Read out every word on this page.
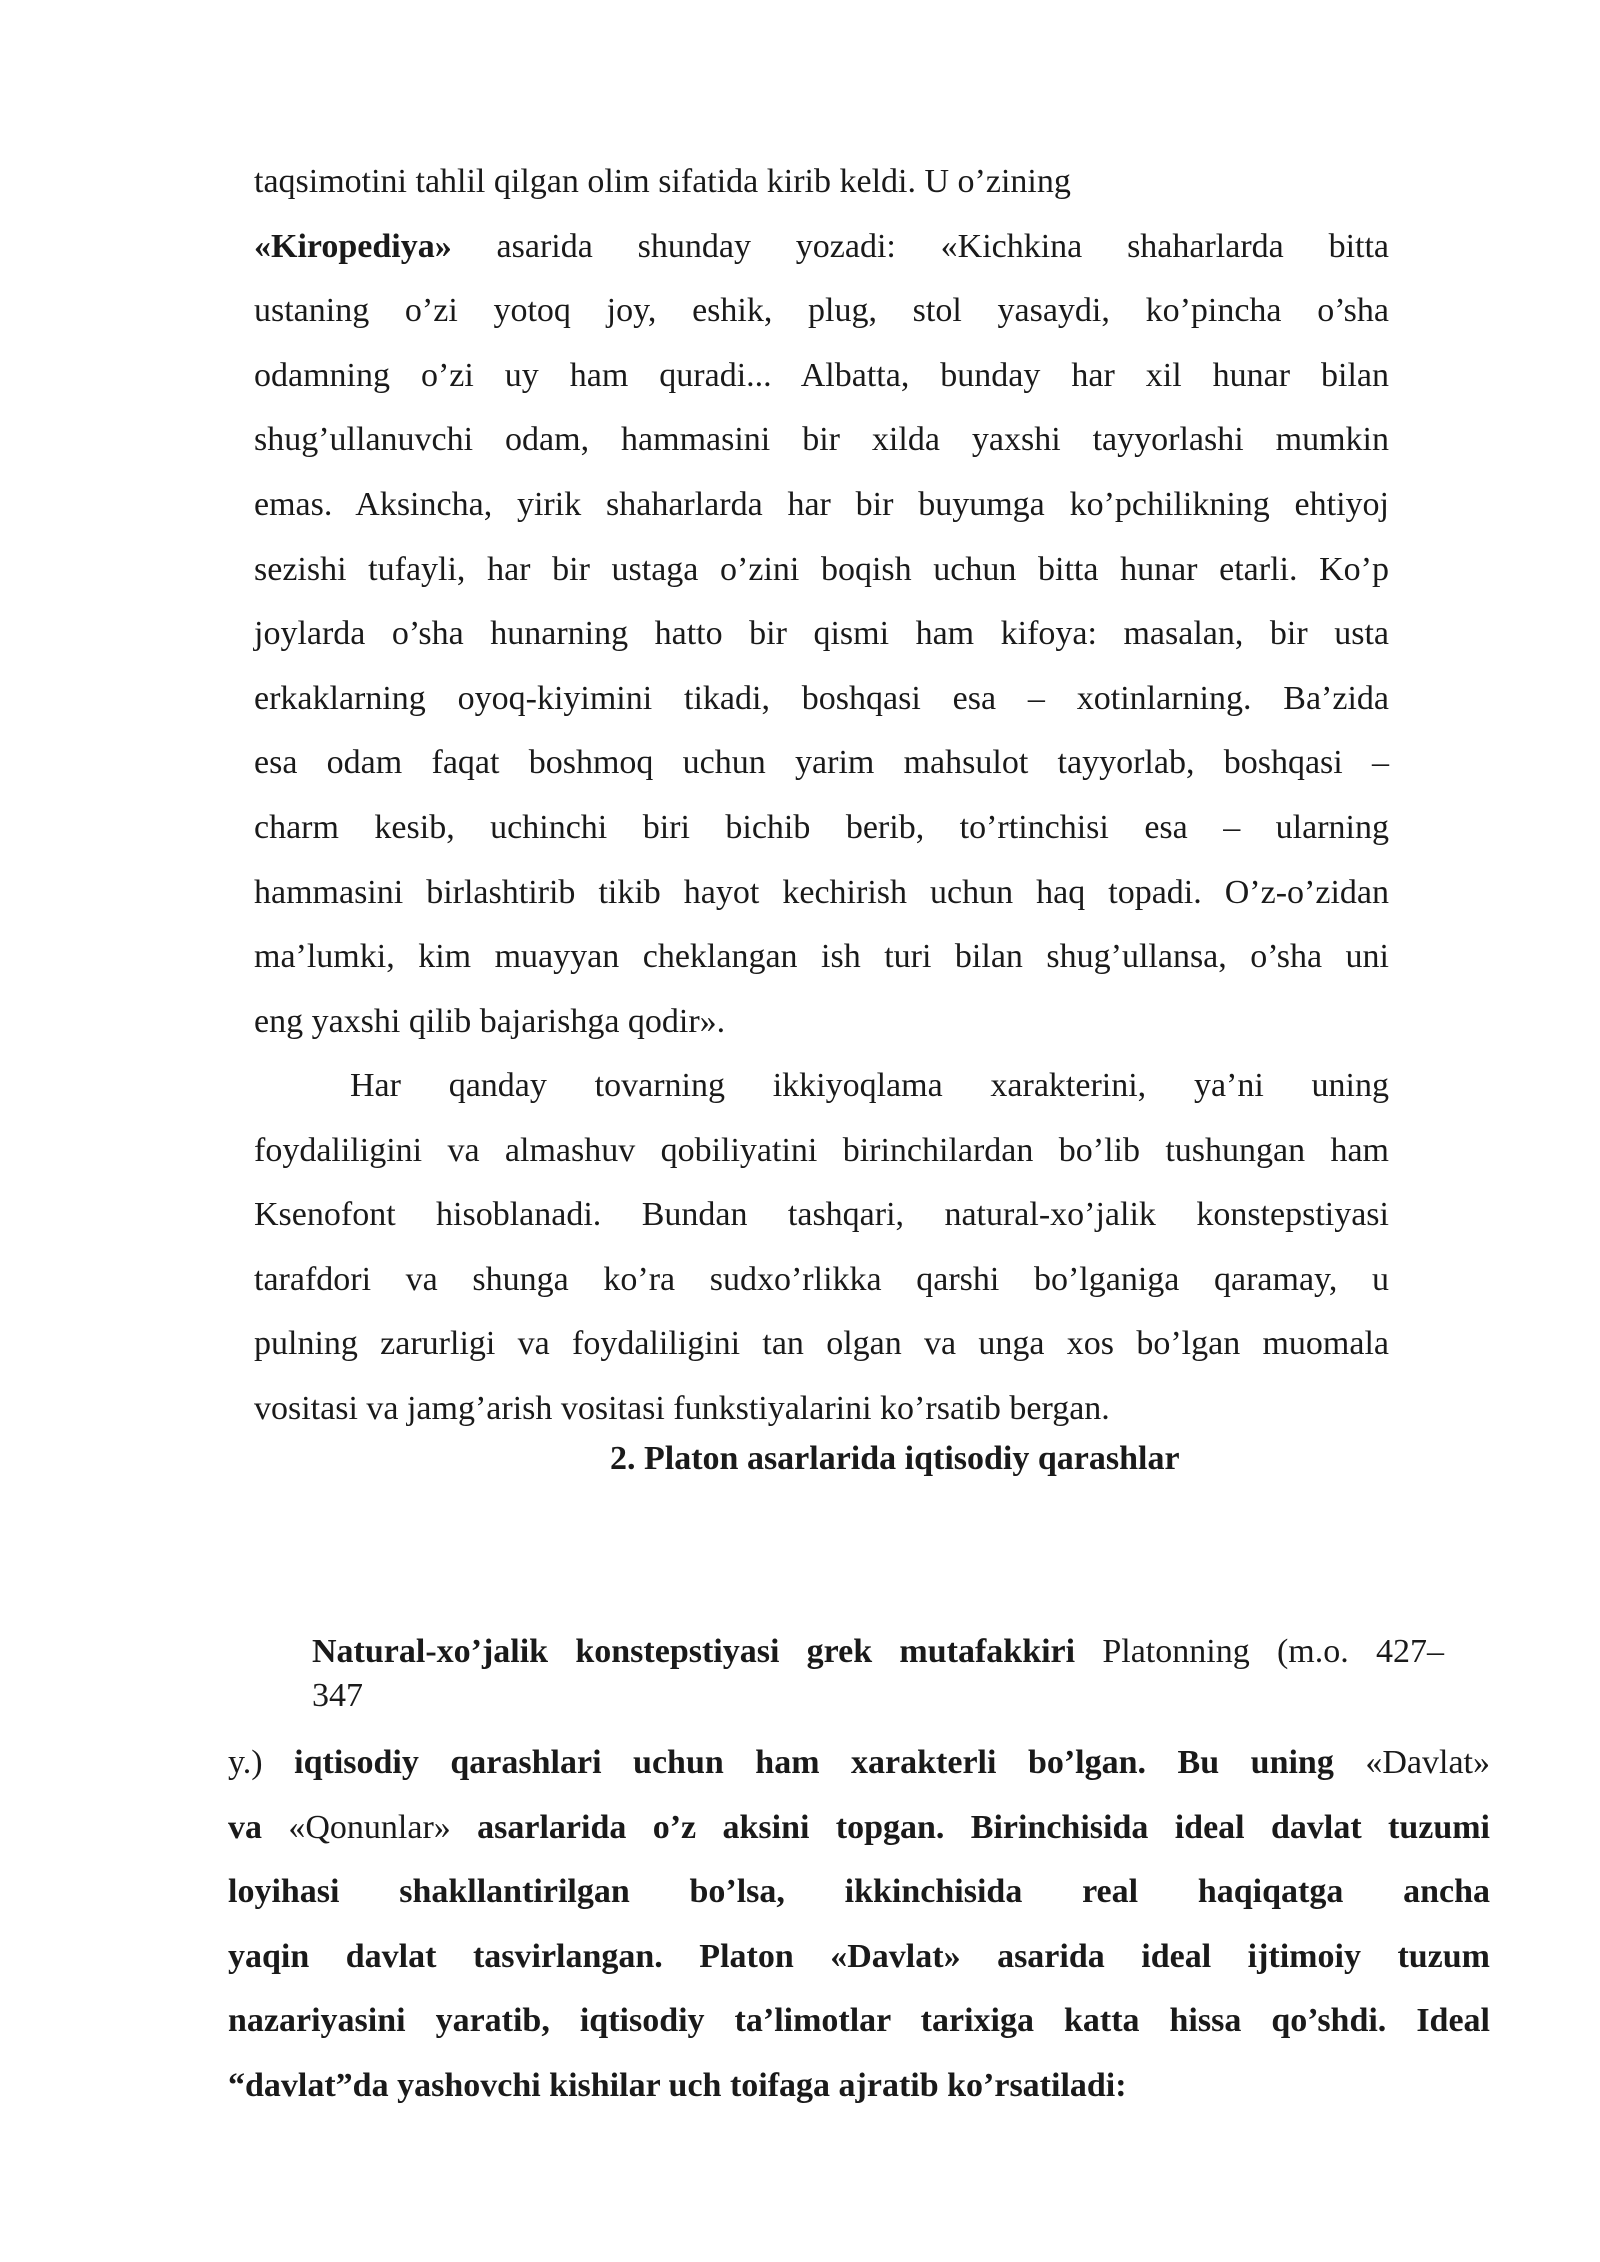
taqsimotini tahlil qilgan olim sifatida kirib keldi. U o’zining
«Kiropediya» asarida shunday yozadi: «Kichkina shaharlarda bitta
ustaning o’zi yotoq joy, eshik, plug, stol yasaydi, ko’pincha o’sha
odamning o’zi uy ham quradi... Albatta, bunday har xil hunar bilan
shug’ullanuvchi odam, hammasini bir xilda yaxshi tayyorlashi mumkin
emas. Aksincha, yirik shaharlarda har bir buyumga ko’pchilikning ehtiyoj
sezishi tufayli, har bir ustaga o’zini boqish uchun bitta hunar etarli. Ko’p
joylarda o’sha hunarning hatto bir qismi ham kifoya: masalan, bir usta
erkaklarning oyoq-kiyimini tikadi, boshqasi esa – xotinlarning. Ba’zida
esa odam faqat boshmoq uchun yarim mahsulot tayyorlab, boshqasi –
charm kesib, uchinchi biri bichib berib, to’rtinchisi esa – ularning
hammasini birlashtirib tikib hayot kechirish uchun haq topadi. O’z-o’zidan
ma’lumki, kim muayyan cheklangan ish turi bilan shug’ullansa, o’sha uni
eng yaxshi qilib bajarishga qodir».
Har qanday tovarning ikkiyoqlama xarakterini, ya’ni uning
foydaliligini va almashuv qobiliyatini birinchilardan bo’lib tushungan ham
Ksenofont hisoblanadi. Bundan tashqari, natural-xo’jalik konstepstiyasi
tarafdori va shunga ko’ra sudxo’rlikka qarshi bo’lganiga qaramay, u
pulning zarurligi va foydaliligini tan olgan va unga xos bo’lgan muomala
vositasi va jamg’arish vositasi funkstiyalarini ko’rsatib bergan.
2. Platon asarlarida iqtisodiy qarashlar
Natural-xo’jalik konstepstiyasi grek mutafakkiri Platonning (m.o. 427–
347
y.) iqtisodiy qarashlari uchun ham xarakterli bo’lgan. Bu uning «Davlat»
va «Qonunlar» asarlarida o’z aksini topgan. Birinchisida ideal davlat tuzumi
loyihasi shakllantirilgan bo’lsa, ikkinchisida real haqiqatga ancha
yaqin davlat tasvirlangan. Platon «Davlat» asarida ideal ijtimoiy tuzum
nazariyasini yaratib, iqtisodiy ta’limotlar tarixiga katta hissa qo’shdi. Ideal
“davlat”da yashovchi kishilar uch toifaga ajratib ko’rsatiladi:
